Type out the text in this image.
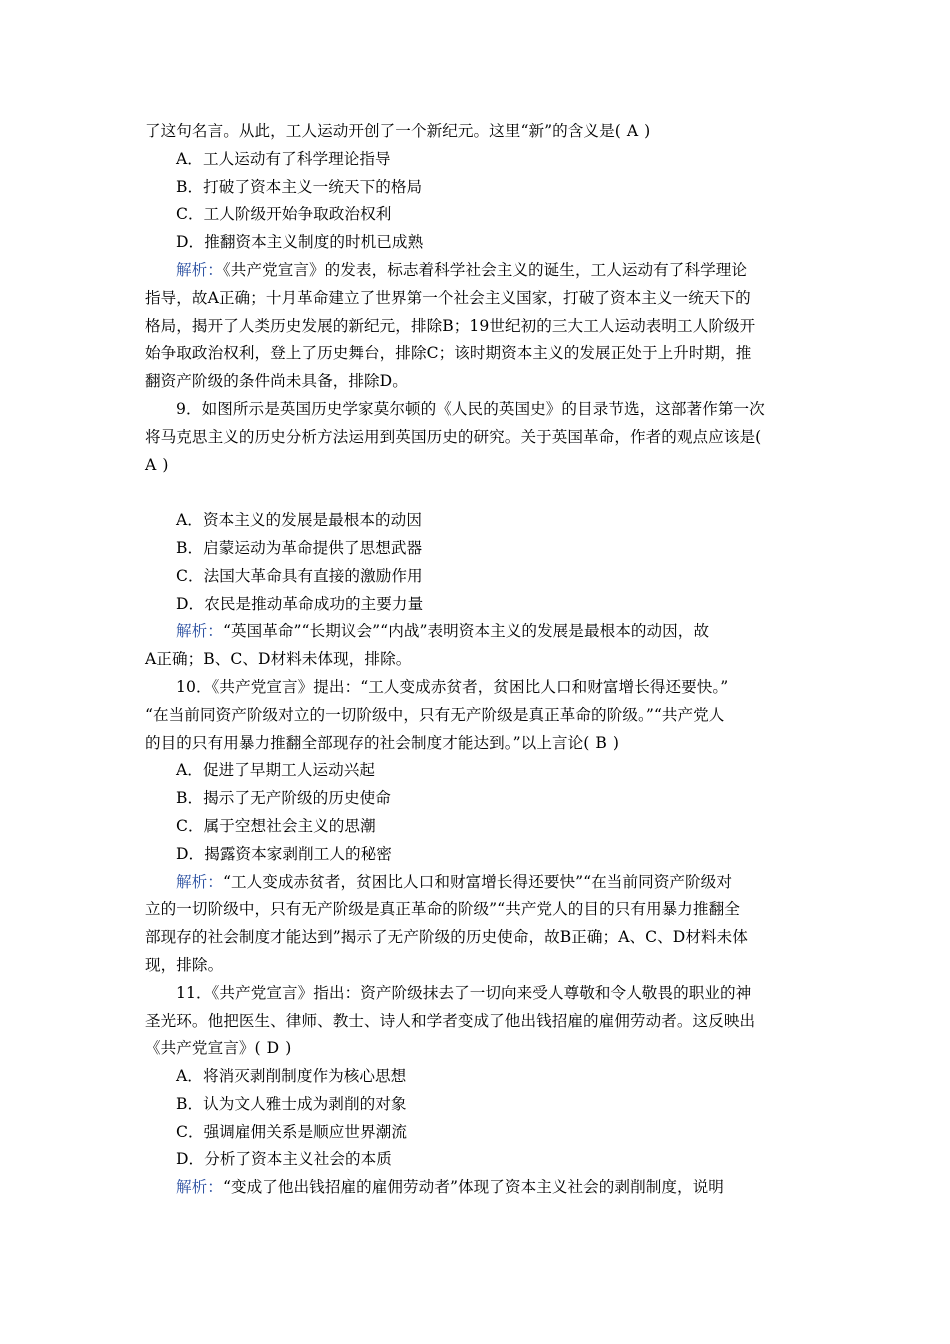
了这句名言。从此，工人运动开创了一个新纪元。这里“新”的含义是( A )
A．工人运动有了科学理论指导
B．打破了资本主义一统天下的格局
C．工人阶级开始争取政治权利
D．推翻资本主义制度的时机已成熟
解析：《共产党宣言》的发表，标志着科学社会主义的诞生，工人运动有了科学理论
指导，故A正确；十月革命建立了世界第一个社会主义国家，打破了资本主义一统天下的
格局，揭开了人类历史发展的新纪元，排除B；19世纪初的三大工人运动表明工人阶级开
始争取政治权利，登上了历史舞台，排除C；该时期资本主义的发展正处于上升时期，推
翻资产阶级的条件尚未具备，排除D。
9．如图所示是英国历史学家莫尔顿的《人民的英国史》的目录节选，这部著作第一次
将马克思主义的历史分析方法运用到英国历史的研究。关于英国革命，作者的观点应该是(
A )
A．资本主义的发展是最根本的动因
B．启蒙运动为革命提供了思想武器
C．法国大革命具有直接的激励作用
D．农民是推动革命成功的主要力量
解析：“英国革命”“长期议会”“内战”表明资本主义的发展是最根本的动因，故
A正确；B、C、D材料未体现，排除。
10．《共产党宣言》提出：“工人变成赤贫者，贫困比人口和财富增长得还要快。”
“在当前同资产阶级对立的一切阶级中，只有无产阶级是真正革命的阶级。”“共产党人
的目的只有用暴力推翻全部现存的社会制度才能达到。”以上言论( B )
A．促进了早期工人运动兴起
B．揭示了无产阶级的历史使命
C．属于空想社会主义的思潮
D．揭露资本家剥削工人的秘密
解析：“工人变成赤贫者，贫困比人口和财富增长得还要快”“在当前同资产阶级对
立的一切阶级中，只有无产阶级是真正革命的阶级”“共产党人的目的只有用暴力推翻全
部现存的社会制度才能达到”揭示了无产阶级的历史使命，故B正确；A、C、D材料未体
现，排除。
11．《共产党宣言》指出：资产阶级抹去了一切向来受人尊敬和令人敬畏的职业的神
圣光环。他把医生、律师、教士、诗人和学者变成了他出钱招雇的雇佣劳动者。这反映出
《共产党宣言》( D )
A．将消灭剥削制度作为核心思想
B．认为文人雅士成为剥削的对象
C．强调雇佣关系是顺应世界潮流
D．分析了资本主义社会的本质
解析：“变成了他出钱招雇的雇佣劳动者”体现了资本主义社会的剥削制度，说明
